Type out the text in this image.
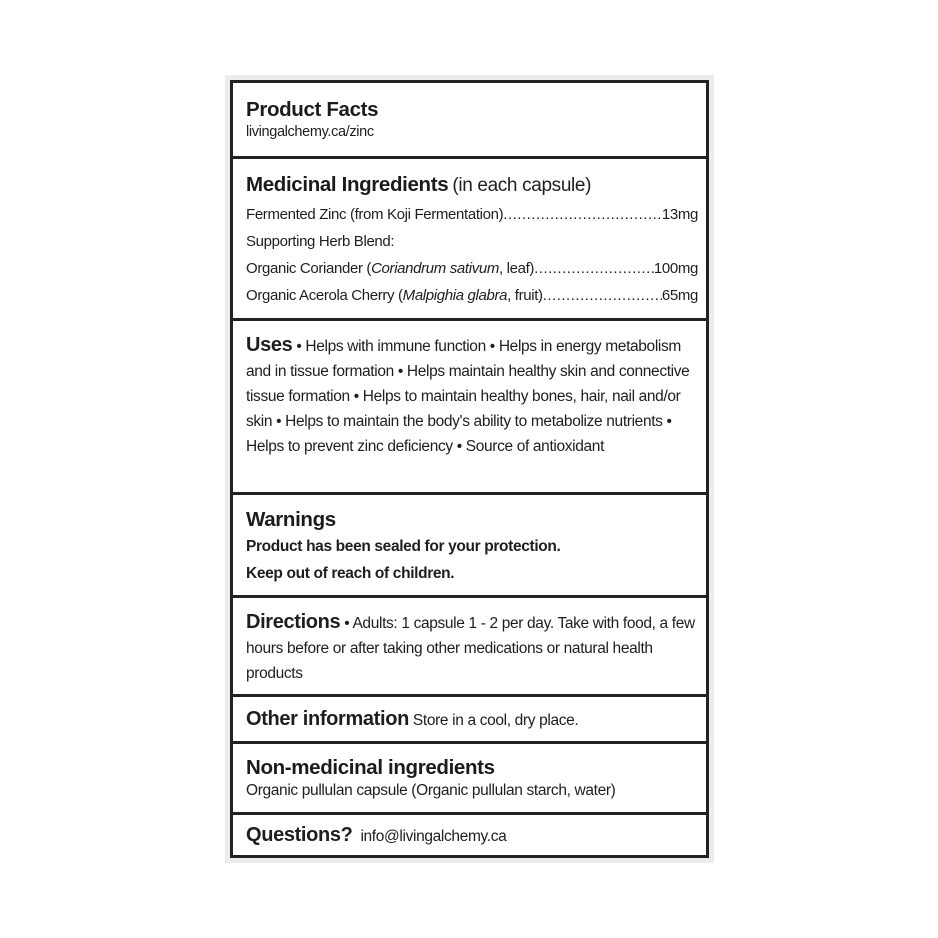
Product Facts
livingalchemy.ca/zinc
Medicinal Ingredients (in each capsule)
Fermented Zinc (from Koji Fermentation) .....	13mg
Supporting Herb Blend:
Organic Coriander (Coriandrum sativum, leaf) .....	100mg
Organic Acerola Cherry (Malpighia glabra, fruit) .....	65mg
Uses • Helps with immune function • Helps in energy metabolism and in tissue formation • Helps maintain healthy skin and connective tissue formation • Helps to maintain healthy bones, hair, nail and/or skin • Helps to maintain the body's ability to metabolize nutrients • Helps to prevent zinc deficiency • Source of antioxidant
Warnings
Product has been sealed for your protection.
Keep out of reach of children.
Directions • Adults: 1 capsule 1 - 2 per day. Take with food, a few hours before or after taking other medications or natural health products
Other information Store in a cool, dry place.
Non-medicinal ingredients
Organic pullulan capsule (Organic pullulan starch, water)
Questions? info@livingalchemy.ca
